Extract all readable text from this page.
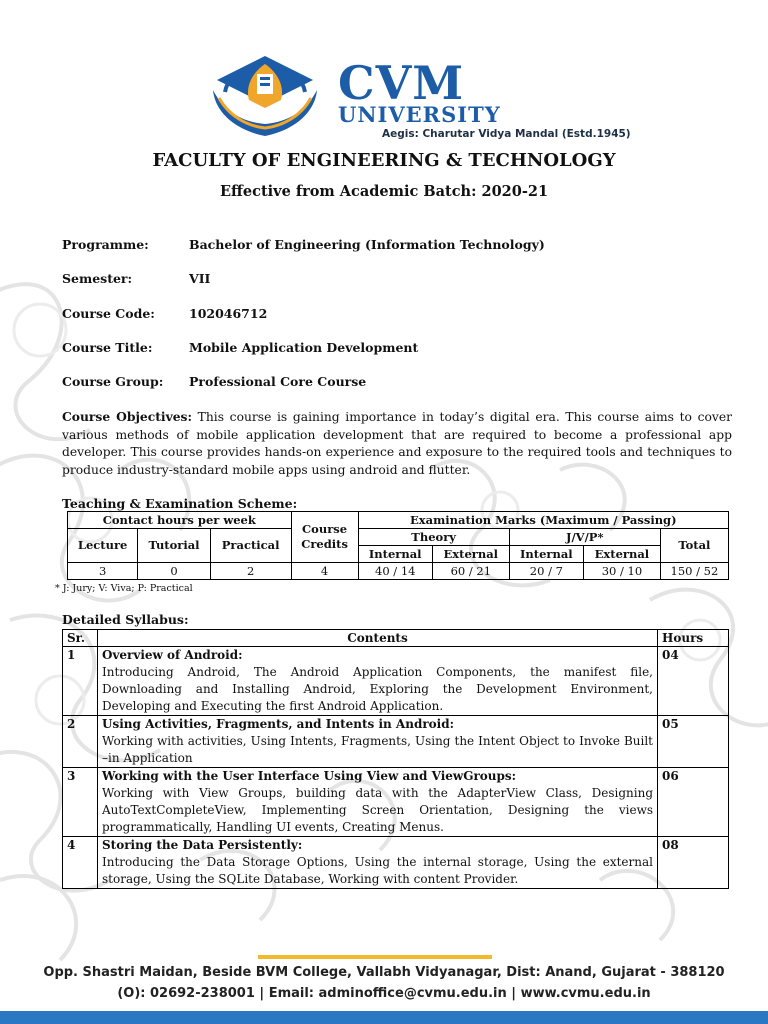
CVM
UNIVERSITY
Aegis: Charutar Vidya Mandal (Estd.1945)
FACULTY OF ENGINEERING & TECHNOLOGY
Effective from Academic Batch: 2020-21
Programme:	Bachelor of Engineering (Information Technology)
Semester:	VII
Course Code:	102046712
Course Title:	Mobile Application Development
Course Group: Professional Core Course
Course Objectives: This course is gaining importance in today’s digital era. This course aims to cover various methods of mobile application development that are required to become a professional app developer. This course provides hands-on experience and exposure to the required tools and techniques to produce industry-standard mobile apps using android and flutter.
Teaching & Examination Scheme:
Contact hours per week			Course Credits	Examination Marks (Maximum / Passing)				
Lecture	Tutorial	Practical		Theory		J/V/P*		Total
				Internal	External	Internal	External	
3	0	2	4	40 / 14	60 / 21	20 / 7	30 / 10	150 / 52
* J: Jury; V: Viva; P: Practical
Detailed Syllabus:
Sr.	Contents	Hours
1	Overview of Android:
Introducing Android, The Android Application Components, the manifest file, Downloading and Installing Android, Exploring the Development Environment, Developing and Executing the first Android Application.	04
2	Using Activities, Fragments, and Intents in Android:
Working with activities, Using Intents, Fragments, Using the Intent Object to Invoke Built –in Application	05
3	Working with the User Interface Using View and ViewGroups:
Working with View Groups, building data with the AdapterView Class, Designing AutoTextCompleteView, Implementing Screen Orientation, Designing the views programmatically, Handling UI events, Creating Menus.	06
4	Storing the Data Persistently:
Introducing the Data Storage Options, Using the internal storage, Using the external storage, Using the SQLite Database, Working with content Provider.	08
Opp. Shastri Maidan, Beside BVM College, Vallabh Vidyanagar, Dist: Anand, Gujarat - 388120
(O): 02692-238001 | Email: adminoffice@cvmu.edu.in | www.cvmu.edu.in
